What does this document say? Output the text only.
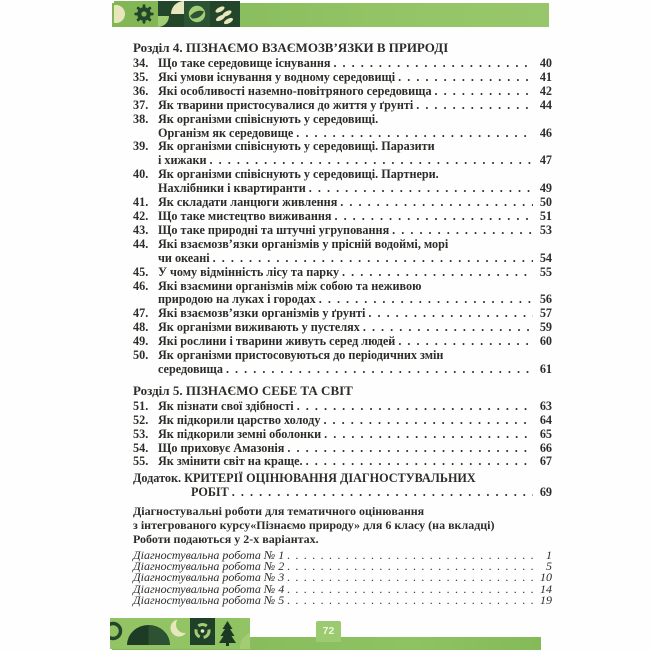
Розділ 4. ПІЗНАЄМО ВЗАЄМОЗВ’ЯЗКИ В ПРИРОДІ
34. Що таке середовище існування . . .	40
35. Які умови існування у водному середовищі . . .	41
36. Які особливості наземно-повітряного середовища . . .	42
37. Як тварини пристосувалися до життя у ґрунті . . .	44
38. Як організми співіснують у середовищі.
Організм як середовище . . .	46
39. Як організми співіснують у середовищі. Паразити
і хижаки . . .	47
40. Як організми співіснують у середовищі. Партнери.
Нахлібники і квартиранти . . .	49
41. Як складати ланцюги живлення . . .	50
42. Що таке мистецтво виживання . . .	51
43. Що таке природні та штучні угруповання . . .	53
44. Які взаємозв’язки організмів у прісній водоймі, морі
чи океані . . .	54
45. У чому відмінність лісу та парку . . .	55
46. Які взаємини організмів між собою та неживою
природою на луках і городах . . .	56
47. Які взаємозв’язки організмів у ґрунті . . .	57
48. Як організми виживають у пустелях . . .	59
49. Які рослини і тварини живуть серед людей . . .	60
50. Як організми пристосовуються до періодичних змін
середовища . . .	61
Розділ 5. ПІЗНАЄМО СЕБЕ ТА СВІТ
51. Як пізнати свої здібності . . .	63
52. Як підкорили царство холоду . . .	64
53. Як підкорили земні оболонки . . .	65
54. Що приховує Амазонія . . .	66
55. Як змінити світ на краще. . . .	67
Додаток. КРИТЕРІЇ ОЦІНЮВАННЯ ДІАГНОСТУВАЛЬНИХ
РОБІТ . . .	69
Діагностувальні роботи для тематичного оцінювання
з інтегрованого курсу«Пізнаємо природу» для 6 класу (на вкладці)
Роботи подаються у 2-х варіантах.
Діагностувальна робота № 1 . . .	1
Діагностувальна робота № 2 . . .	5
Діагностувальна робота № 3 . . .	10
Діагностувальна робота № 4 . . .	14
Діагностувальна робота № 5 . . .	19
72
